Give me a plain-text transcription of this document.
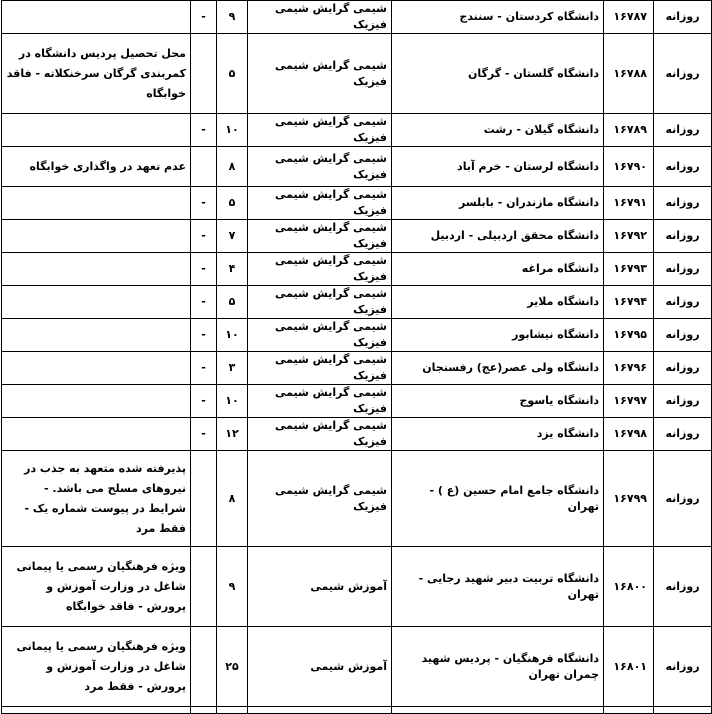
روزانه	۱۶۷۸۷	دانشگاه کردستان - سنندج	شیمی گرایش شیمی فیزیک	۹	-	
روزانه	۱۶۷۸۸	دانشگاه گلستان - گرگان	شیمی گرایش شیمی فیزیک	۵		محل تحصیل پردیس دانشگاه در کمربندی گرگان سرخنکلاته - فاقد خوابگاه
روزانه	۱۶۷۸۹	دانشگاه گیلان - رشت	شیمی گرایش شیمی فیزیک	۱۰	-	
روزانه	۱۶۷۹۰	دانشگاه لرستان - خرم آباد	شیمی گرایش شیمی فیزیک	۸		عدم تعهد در واگذاری خوابگاه
روزانه	۱۶۷۹۱	دانشگاه مازندران - بابلسر	شیمی گرایش شیمی فیزیک	۵	-	
روزانه	۱۶۷۹۲	دانشگاه محقق اردبیلی - اردبیل	شیمی گرایش شیمی فیزیک	۷	-	
روزانه	۱۶۷۹۳	دانشگاه مراغه	شیمی گرایش شیمی فیزیک	۴	-	
روزانه	۱۶۷۹۴	دانشگاه ملایر	شیمی گرایش شیمی فیزیک	۵	-	
روزانه	۱۶۷۹۵	دانشگاه نیشابور	شیمی گرایش شیمی فیزیک	۱۰	-	
روزانه	۱۶۷۹۶	دانشگاه ولی عصر(عج) رفسنجان	شیمی گرایش شیمی فیزیک	۳	-	
روزانه	۱۶۷۹۷	دانشگاه یاسوج	شیمی گرایش شیمی فیزیک	۱۰	-	
روزانه	۱۶۷۹۸	دانشگاه یزد	شیمی گرایش شیمی فیزیک	۱۲	-	
روزانه	۱۶۷۹۹	دانشگاه جامع امام حسین (ع ) - تهران	شیمی گرایش شیمی فیزیک	۸		پذیرفته شده متعهد به جذب در نیروهای مسلح می باشد. - شرایط در پیوست شماره یک - فقط مرد
روزانه	۱۶۸۰۰	دانشگاه تربیت دبیر شهید رجایی - تهران	آموزش شیمی	۹		ویژه فرهنگیان رسمی یا پیمانی شاغل در وزارت آموزش و پرورش - فاقد خوابگاه
روزانه	۱۶۸۰۱	دانشگاه فرهنگیان - پردیس شهید چمران تهران	آموزش شیمی	۲۵		ویژه فرهنگیان رسمی یا پیمانی شاغل در وزارت آموزش و پرورش - فقط مرد
